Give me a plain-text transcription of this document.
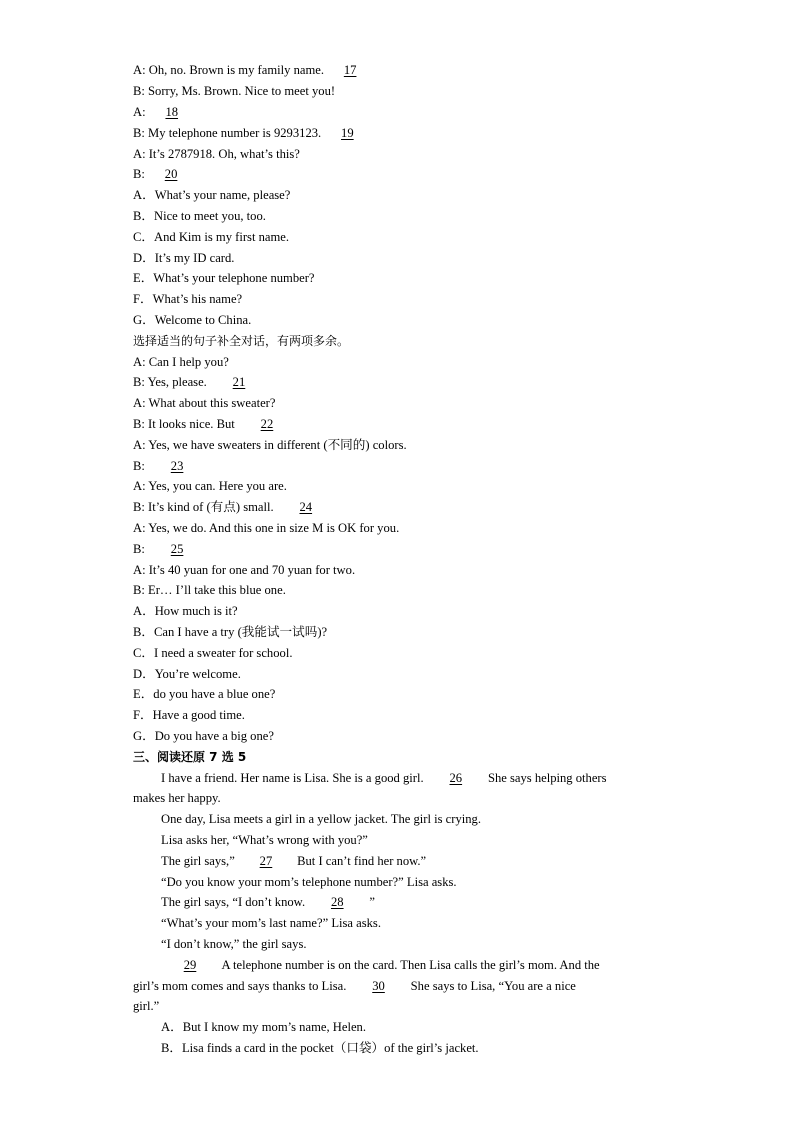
A: Oh, no. Brown is my family name. 17
B: Sorry, Ms. Brown. Nice to meet you!
A: 18
B: My telephone number is 9293123. 19
A: It’s 2787918. Oh, what’s this?
B: 20
A．What’s your name, please?
B．Nice to meet you, too.
C．And Kim is my first name.
D．It’s my ID card.
E．What’s your telephone number?
F．What’s his name?
G．Welcome to China.
选择适当的句子补全对话，有两项多余。
A: Can I help you?
B: Yes, please. 21
A: What about this sweater?
B: It looks nice. But 22
A: Yes, we have sweaters in different (不同的) colors.
B: 23
A: Yes, you can. Here you are.
B: It’s kind of (有点) small. 24
A: Yes, we do. And this one in size M is OK for you.
B: 25
A: It’s 40 yuan for one and 70 yuan for two.
B: Er… I’ll take this blue one.
A．How much is it?
B．Can I have a try (我能试一试吗)?
C．I need a sweater for school.
D．You’re welcome.
E．do you have a blue one?
F．Have a good time.
G．Do you have a big one?
三、阅读还原 7 选 5
I have a friend. Her name is Lisa. She is a good girl. 26 She says helping others
makes her happy.
One day, Lisa meets a girl in a yellow jacket. The girl is crying.
Lisa asks her, “What’s wrong with you?”
The girl says,” 27 But I can’t find her now.”
“Do you know your mom’s telephone number?” Lisa asks.
The girl says, “I don’t know. 28 ”
“What’s your mom’s last name?” Lisa asks.
“I don’t know,” the girl says.
29 A telephone number is on the card. Then Lisa calls the girl’s mom. And the
girl’s mom comes and says thanks to Lisa. 30 She says to Lisa, “You are a nice
girl.”
A．But I know my mom’s name, Helen.
B．Lisa finds a card in the pocket（口袋）of the girl’s jacket.
